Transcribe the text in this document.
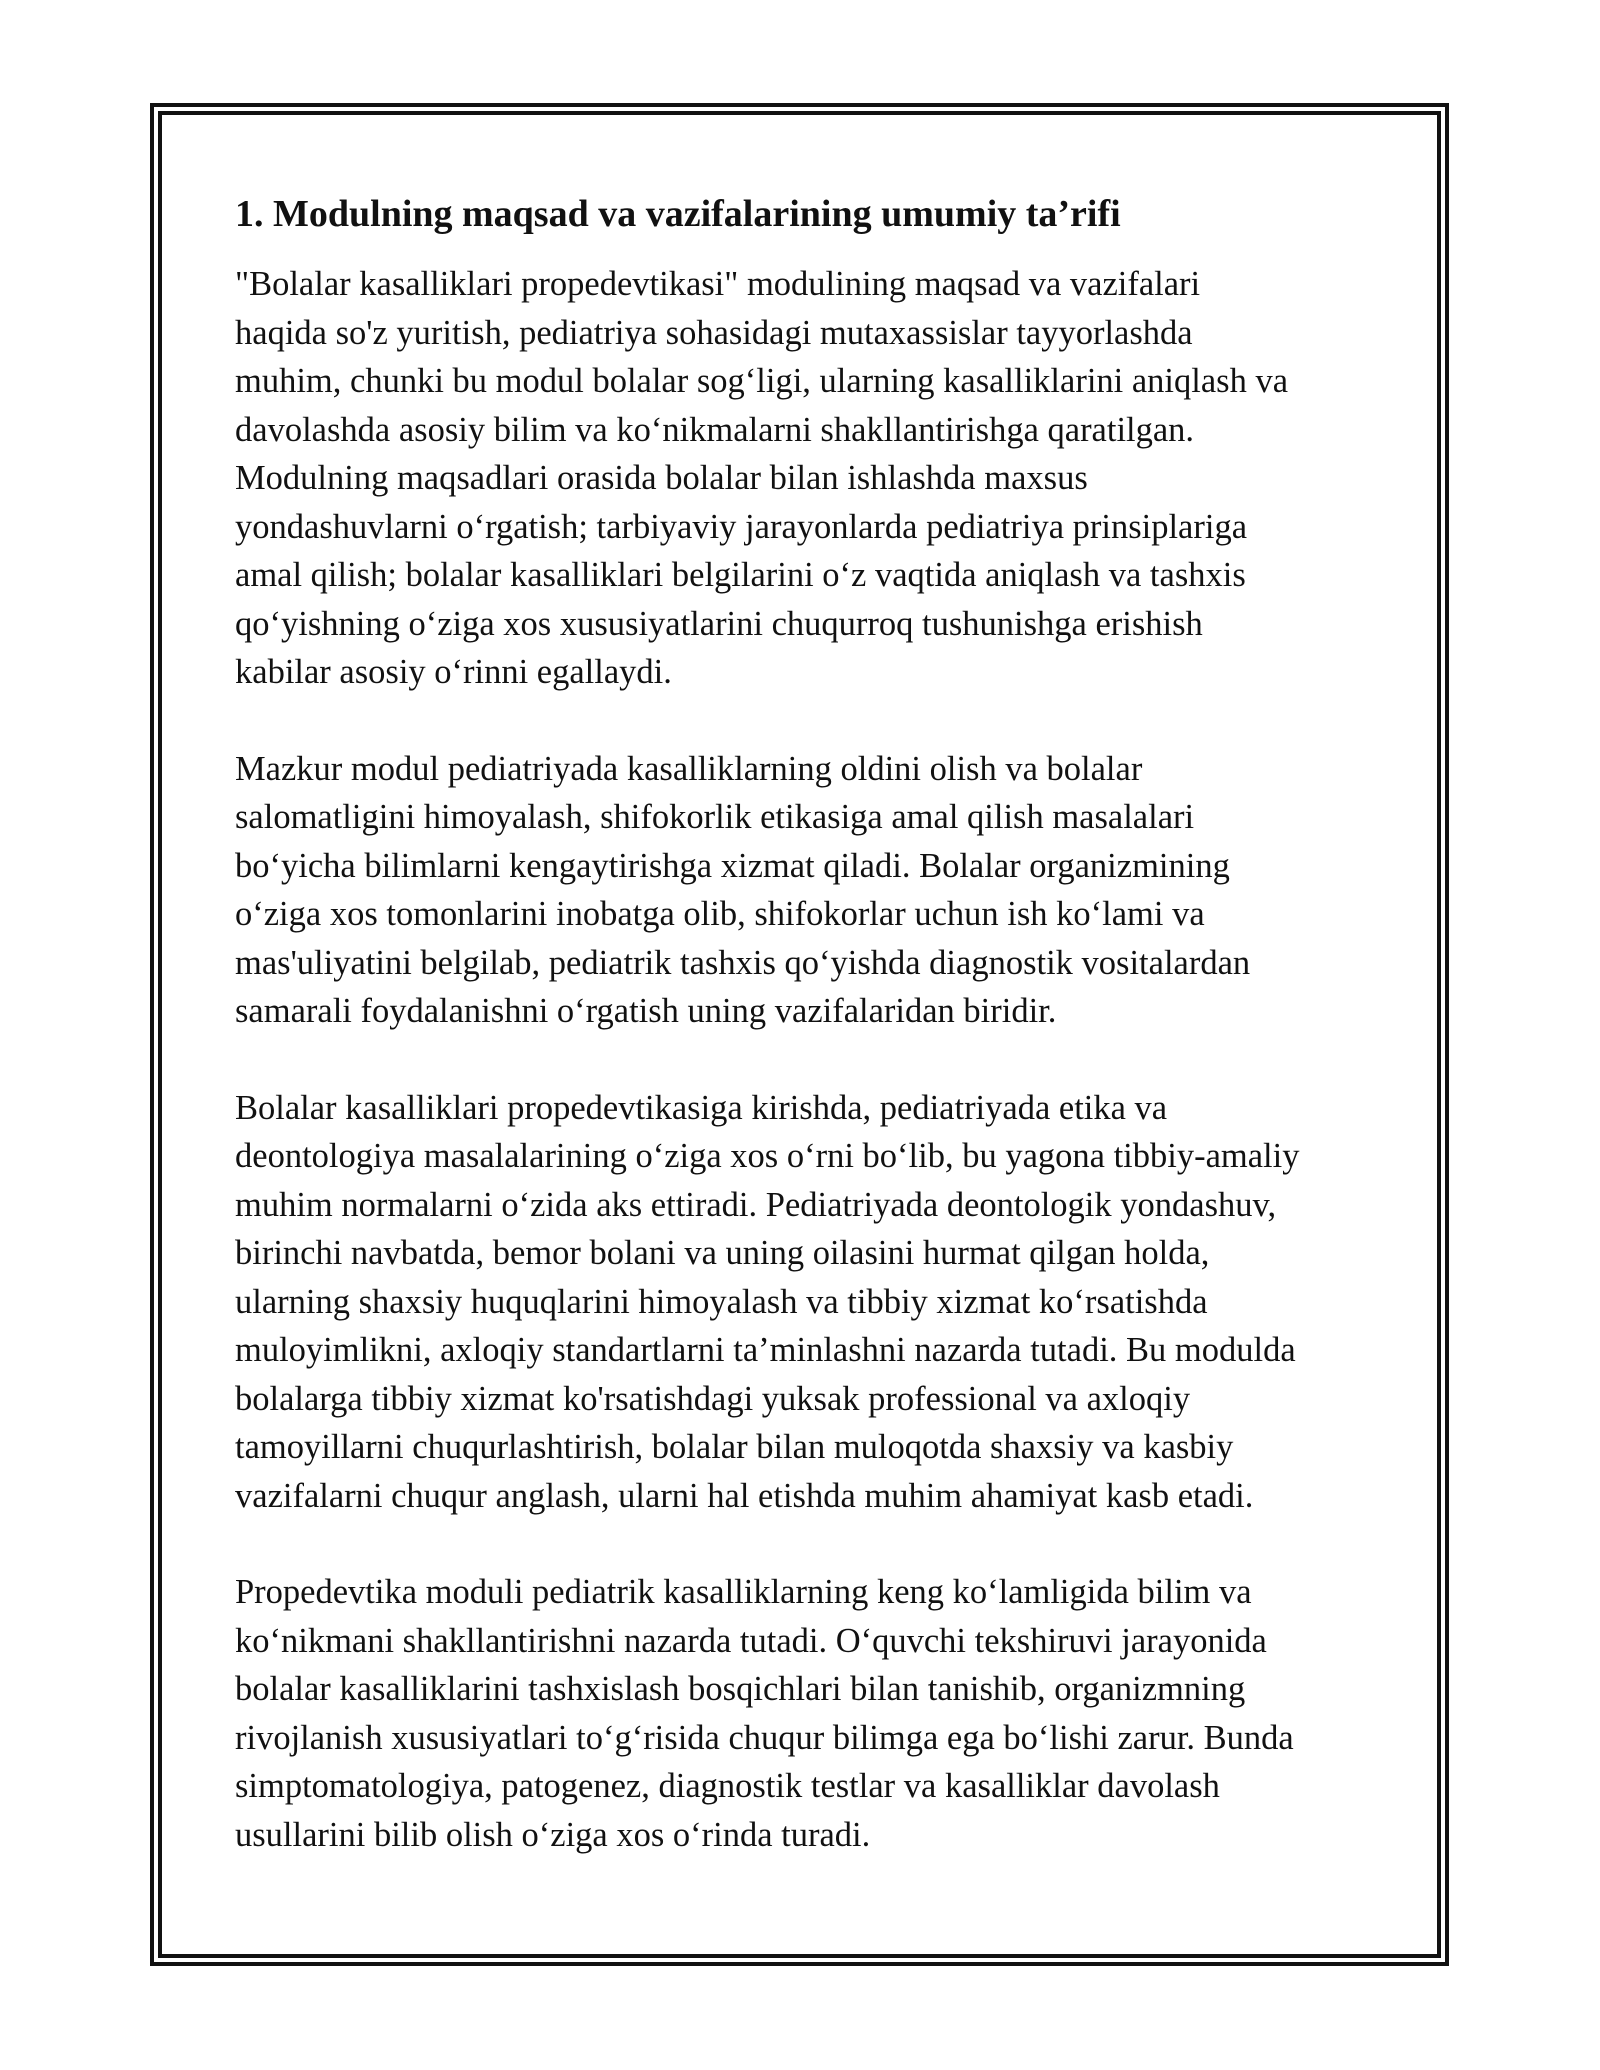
1. Modulning maqsad va vazifalarining umumiy ta’rifi
"Bolalar kasalliklari propedevtikasi" modulining maqsad va vazifalari
haqida so'z yuritish, pediatriya sohasidagi mutaxassislar tayyorlashda
muhim, chunki bu modul bolalar sog‘ligi, ularning kasalliklarini aniqlash va
davolashda asosiy bilim va ko‘nikmalarni shakllantirishga qaratilgan.
Modulning maqsadlari orasida bolalar bilan ishlashda maxsus
yondashuvlarni o‘rgatish; tarbiyaviy jarayonlarda pediatriya prinsiplariga
amal qilish; bolalar kasalliklari belgilarini o‘z vaqtida aniqlash va tashxis
qo‘yishning o‘ziga xos xususiyatlarini chuqurroq tushunishga erishish
kabilar asosiy o‘rinni egallaydi.
Mazkur modul pediatriyada kasalliklarning oldini olish va bolalar
salomatligini himoyalash, shifokorlik etikasiga amal qilish masalalari
bo‘yicha bilimlarni kengaytirishga xizmat qiladi. Bolalar organizmining
o‘ziga xos tomonlarini inobatga olib, shifokorlar uchun ish ko‘lami va
mas'uliyatini belgilab, pediatrik tashxis qo‘yishda diagnostik vositalardan
samarali foydalanishni o‘rgatish uning vazifalaridan biridir.
Bolalar kasalliklari propedevtikasiga kirishda, pediatriyada etika va
deontologiya masalalarining o‘ziga xos o‘rni bo‘lib, bu yagona tibbiy-amaliy
muhim normalarni o‘zida aks ettiradi. Pediatriyada deontologik yondashuv,
birinchi navbatda, bemor bolani va uning oilasini hurmat qilgan holda,
ularning shaxsiy huquqlarini himoyalash va tibbiy xizmat ko‘rsatishda
muloyimlikni, axloqiy standartlarni ta’minlashni nazarda tutadi. Bu modulda
bolalarga tibbiy xizmat ko'rsatishdagi yuksak professional va axloqiy
tamoyillarni chuqurlashtirish, bolalar bilan muloqotda shaxsiy va kasbiy
vazifalarni chuqur anglash, ularni hal etishda muhim ahamiyat kasb etadi.
Propedevtika moduli pediatrik kasalliklarning keng ko‘lamligida bilim va
ko‘nikmani shakllantirishni nazarda tutadi. O‘quvchi tekshiruvi jarayonida
bolalar kasalliklarini tashxislash bosqichlari bilan tanishib, organizmning
rivojlanish xususiyatlari to‘g‘risida chuqur bilimga ega bo‘lishi zarur. Bunda
simptomatologiya, patogenez, diagnostik testlar va kasalliklar davolash
usullarini bilib olish o‘ziga xos o‘rinda turadi.
